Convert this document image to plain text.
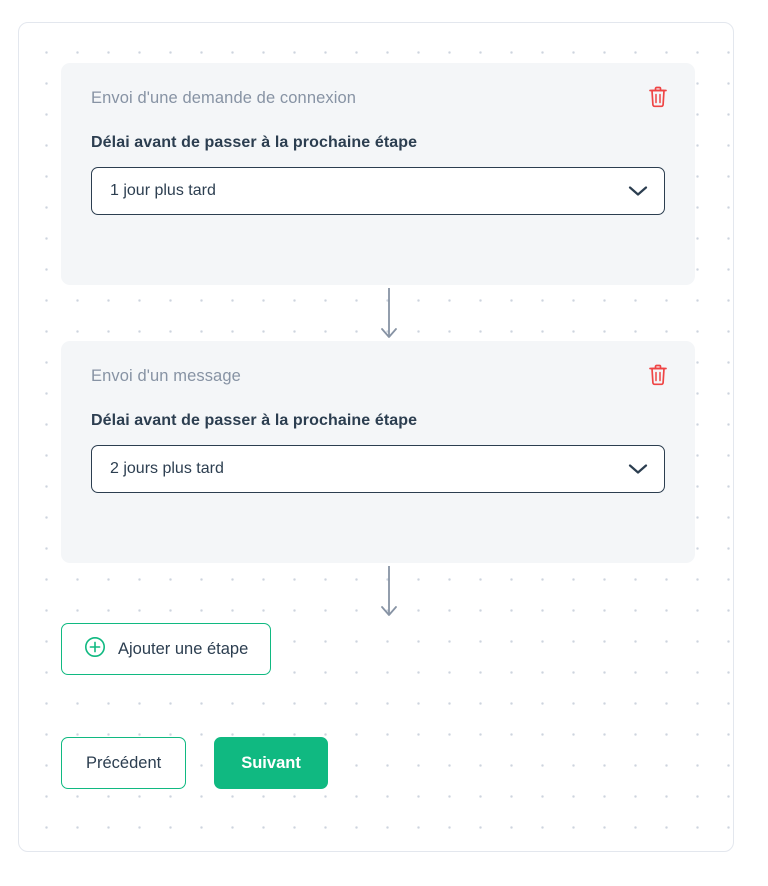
Envoi d'une demande de connexion
Délai avant de passer à la prochaine étape
1 jour plus tard
Envoi d'un message
Délai avant de passer à la prochaine étape
2 jours plus tard
Ajouter une étape
Précédent	Suivant
